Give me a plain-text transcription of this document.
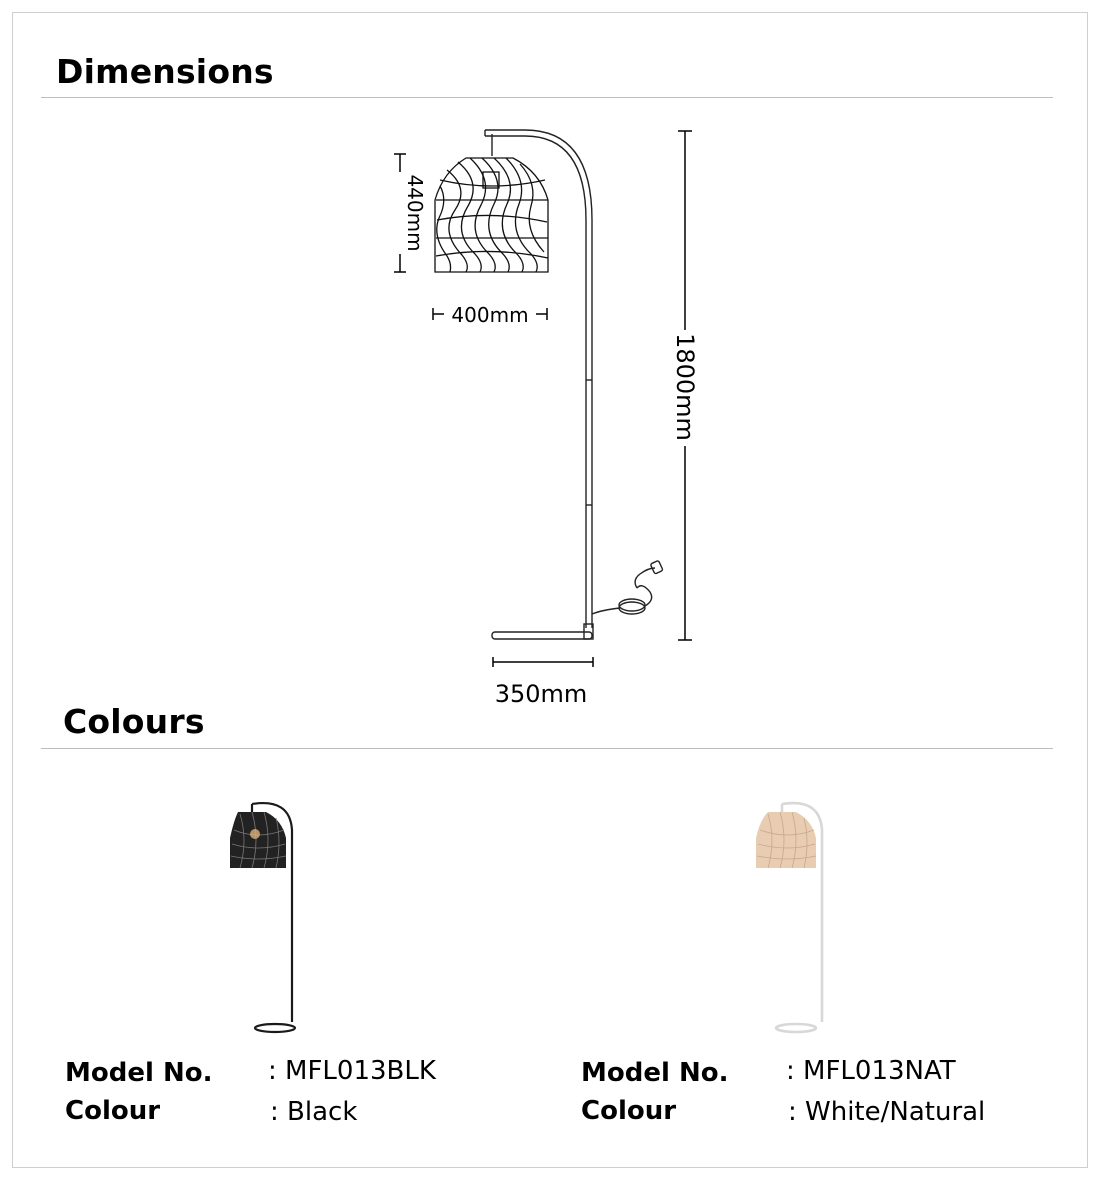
Dimensions
440mm
400mm
350mm
1800mm
Colours
Model No. : MFL013BLK
Colour	: Black
Model No. : MFL013NAT
Colour	: White/Natural
